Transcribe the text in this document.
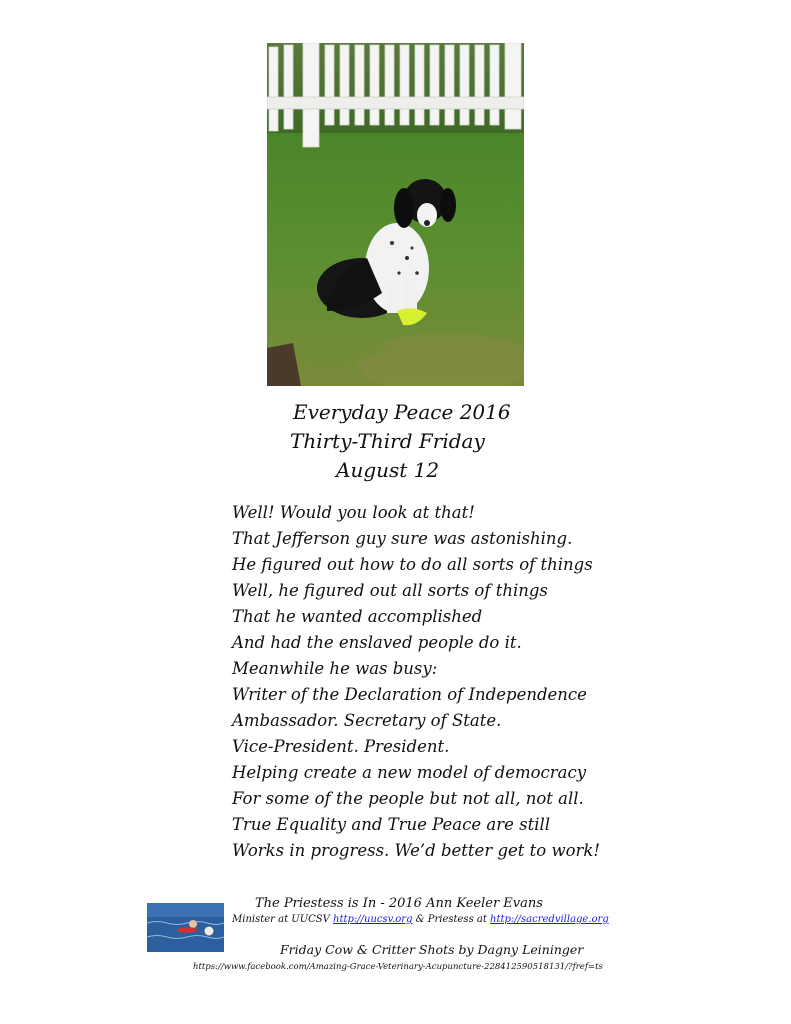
Everyday Peace 2016
Thirty-Third Friday
August 12
Well! Would you look at that!
That Jefferson guy sure was astonishing.
He figured out how to do all sorts of things
Well, he figured out all sorts of things
That he wanted accomplished
And had the enslaved people do it.
Meanwhile he was busy:
Writer of the Declaration of Independence
Ambassador. Secretary of State.
Vice-President. President.
Helping create a new model of democracy
For some of the people but not all, not all.
True Equality and True Peace are still
Works in progress. We’d better get to work!
The Priestess is In - 2016 Ann Keeler Evans
Minister at UUCSV http://uucsv.org & Priestess at http://sacredvillage.org
Friday Cow & Critter Shots by Dagny Leininger
https://www.facebook.com/Amazing-Grace-Veterinary-Acupuncture-228412590518131/?fref=ts
